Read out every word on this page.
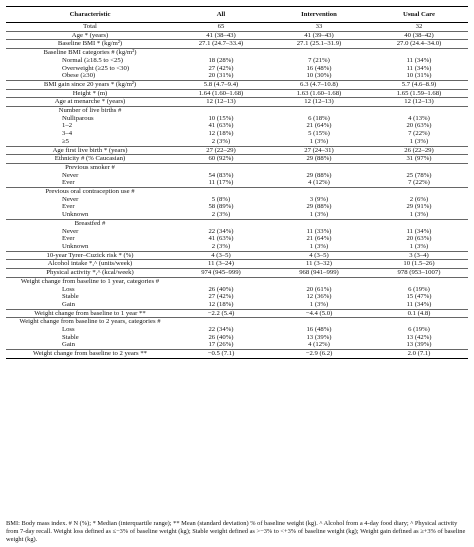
Characteristic	All	Intervention	Usual Care
Total	65	33	32
Age * (years)	41 (38–43)	41 (39–43)	40 (38–42)
Baseline BMI * (kg/m²)	27.1 (24.7–33.4)	27.1 (25.1–31.9)	27.0 (24.4–34.0)
Baseline BMI categories # (kg/m²)			
Normal (≥18.5 to <25)	18 (28%)	7 (21%)	11 (34%)
Overweight (≥25 to <30)	27 (42%)	16 (48%)	11 (34%)
Obese (≥30)	20 (31%)	10 (30%)	10 (31%)
BMI gain since 20 years * (kg/m²)	5.8 (4.7–9.4)	6.3 (4.7–10.8)	5.7 (4.6–8.9)
Height * (m)	1.64 (1.60–1.68)	1.63 (1.60–1.68)	1.65 (1.59–1.68)
Age at menarche * (years)	12 (12–13)	12 (12–13)	12 (12–13)
Number of live births #			
Nulliparous	10 (15%)	6 (18%)	4 (13%)
1–2	41 (63%)	21 (64%)	20 (63%)
3–4	12 (18%)	5 (15%)	7 (22%)
≥5	2 (3%)	1 (3%)	1 (3%)
Age first live birth * (years)	27 (22–29)	27 (24–31)	26 (22–29)
Ethnicity # (% Caucasian)	60 (92%)	29 (88%)	31 (97%)
Previous smoker #			
Never	54 (83%)	29 (88%)	25 (78%)
Ever	11 (17%)	4 (12%)	7 (22%)
Previous oral contraception use #			
Never	5 (8%)	3 (9%)	2 (6%)
Ever	58 (89%)	29 (88%)	29 (91%)
Unknown	2 (3%)	1 (3%)	1 (3%)
Breastfed #			
Never	22 (34%)	11 (33%)	11 (34%)
Ever	41 (63%)	21 (64%)	20 (63%)
Unknown	2 (3%)	1 (3%)	1 (3%)
10-year Tyrer–Cuzick risk * (%)	4 (3–5)	4 (3–5)	3 (3–4)
Alcohol intake *,^ (units/week)	11 (3–24)	11 (3–32)	10 (1.5–26)
Physical activity *,^ (kcal/week)	974 (945–999)	968 (941–999)	978 (953–1007)
Weight change from baseline to 1 year, categories #			
Loss	26 (40%)	20 (61%)	6 (19%)
Stable	27 (42%)	12 (36%)	15 (47%)
Gain	12 (18%)	1 (3%)	11 (34%)
Weight change from baseline to 1 year **	−2.2 (5.4)	−4.4 (5.0)	0.1 (4.8)
Weight change from baseline to 2 years, categories #			
Loss	22 (34%)	16 (48%)	6 (19%)
Stable	26 (40%)	13 (39%)	13 (42%)
Gain	17 (26%)	4 (12%)	13 (39%)
Weight change from baseline to 2 years **	−0.5 (7.1)	−2.9 (6.2)	2.0 (7.1)
BMI: Body mass index. # N (%); * Median (interquartile range); ** Mean (standard deviation) % of baseline weight (kg). ^ Alcohol from a 4-day food diary; ^ Physical activity from 7-day recall. Weight loss defined as ≤−3% of baseline weight (kg); Stable weight defined as >−3% to <+3% of baseline weight (kg); Weight gain defined as ≥+3% of baseline weight (kg).
